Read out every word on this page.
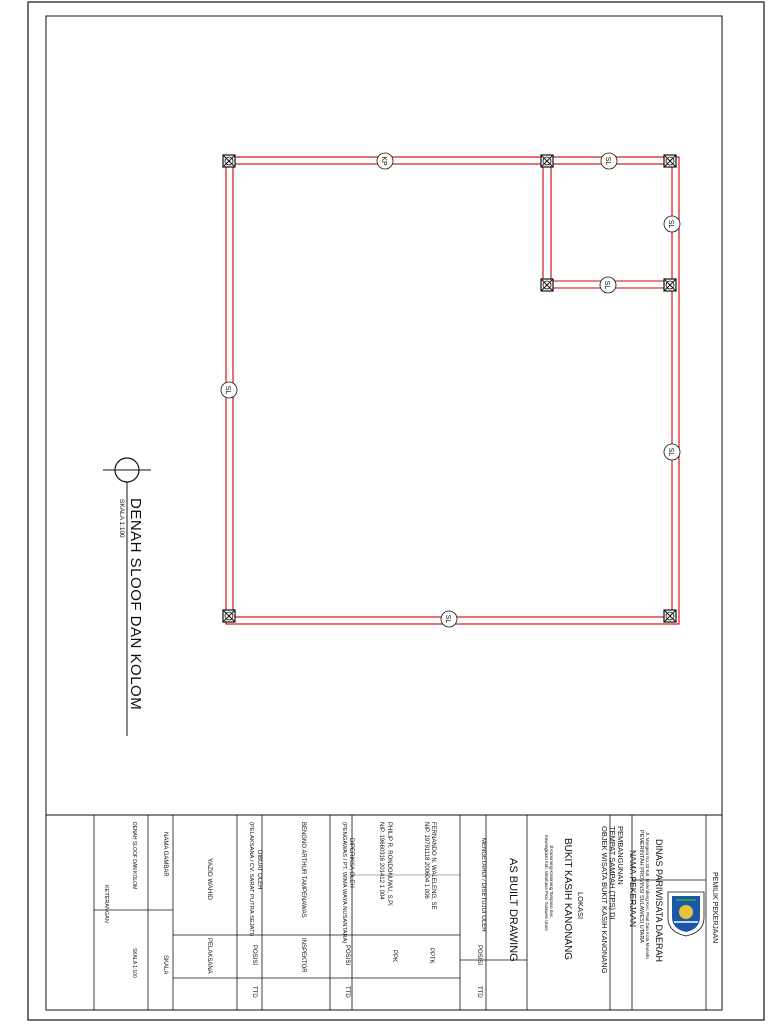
KP	SL
SL
SL
SL
SL
SL
DENAH SLOOF DAN KOLOM
SKALA 1:100
PEMILIK PEKERJAAN
DINAS PARIWISATA DAERAH
Jl. Manguni No.33 Kel. Malendeng Kec. Paal Dua Kota Manado
PEMERINTAH PROVINSI SULAWESI UTARA
NAMA PEKERJAAN
PEMBANGUNAN
TEMPAT SAMPAH (TPS) DI
OBJEK WISATA BUKIT KASIH KANONANG
LOKASI
BUKIT KASIH KANONANG
Jl.Kanonang-Kanonang Tompaso Kec.
Kawangkoan Kab. Minahasa Prov. Sulawesi Utara
AS BUILT DRAWING
MENGETAHUI / DISETUJUI OLEH
POSISI
TTD
FERNANDO N. WALELENG, SE
NIP. 19791118 200604 1 006
PPTK
PHILIP R. RONDONUWU, S.Pi
NIP. 19660316 201412 1 004
PPK
DIPERIKSA OLEH
(PENGAWAS / PT. WIMA WAYA NUSANTARA)
POSISI
TTD
BENGNO ARTHUR TAMPENAWAS
INSPEKTOR
DIBUAT OLEH
(PELAKSANA / CV. SARAT PUTRA SEJATI)
POSISI
TTD
YAZID WAHID
PELAKSANA
NAMA GAMBAR
SKALA
DENAH SLOOF DAN KOLOM
SKALA 1:100
KETERANGAN
